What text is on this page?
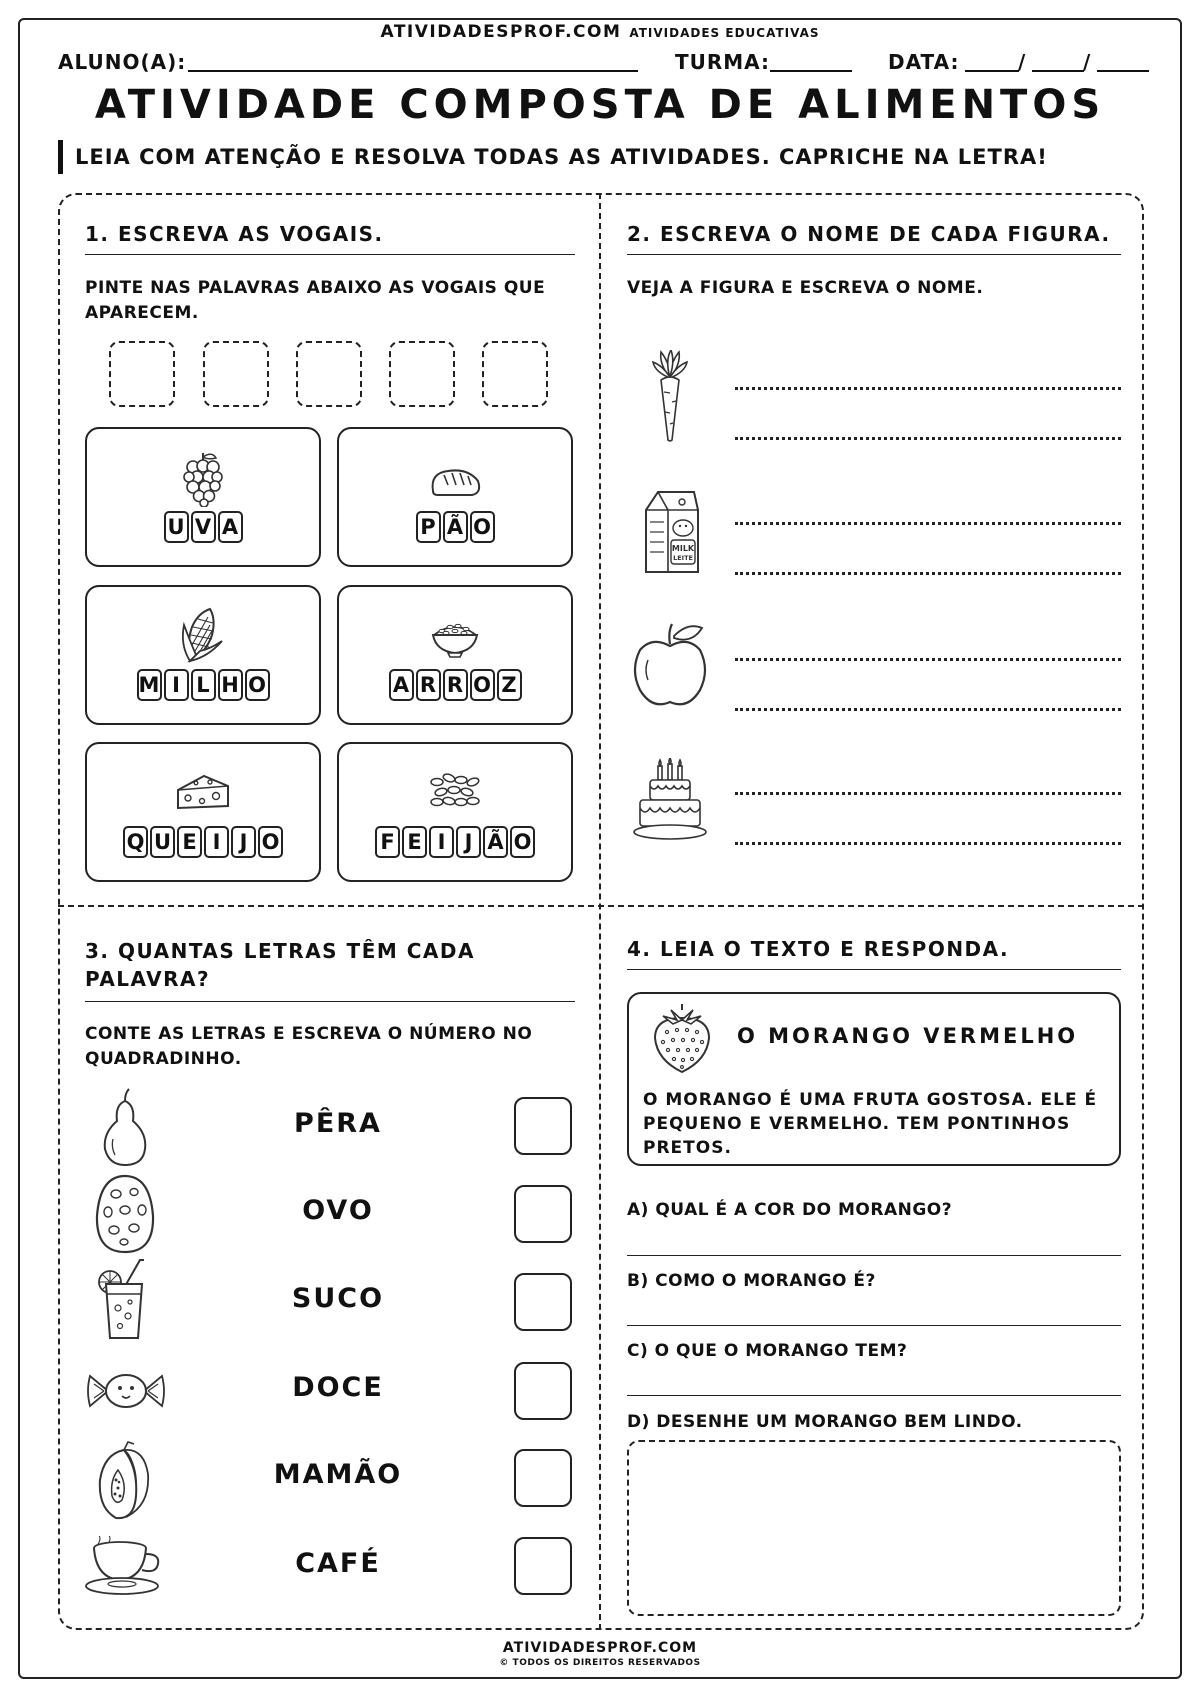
ATIVIDADESPROF.COM ATIVIDADES EDUCATIVAS
ALUNO(A):	TURMA:	DATA:	/	/
ATIVIDADE COMPOSTA DE ALIMENTOS
LEIA COM ATENÇÃO E RESOLVA TODAS AS ATIVIDADES. CAPRICHE NA LETRA!
1. ESCREVA AS VOGAIS.
PINTE NAS PALAVRAS ABAIXO AS VOGAIS QUE
APARECEM.
U V A	P Ã O
M I L H O	A R R O Z
Q U E I J O	F E I J Ã O
2. ESCREVA O NOME DE CADA FIGURA.
VEJA A FIGURA E ESCREVA O NOME.
MILK
LEITE
3. QUANTAS LETRAS TÊM CADA
PALAVRA?
CONTE AS LETRAS E ESCREVA O NÚMERO NO
QUADRADINHO.
PÊRA
OVO
SUCO
DOCE
MAMÃO
CAFÉ
4. LEIA O TEXTO E RESPONDA.
O MORANGO VERMELHO
O MORANGO É UMA FRUTA GOSTOSA. ELE É
PEQUENO E VERMELHO. TEM PONTINHOS
PRETOS.
A) QUAL É A COR DO MORANGO?
B) COMO O MORANGO É?
C) O QUE O MORANGO TEM?
D) DESENHE UM MORANGO BEM LINDO.
ATIVIDADESPROF.COM
© TODOS OS DIREITOS RESERVADOS
